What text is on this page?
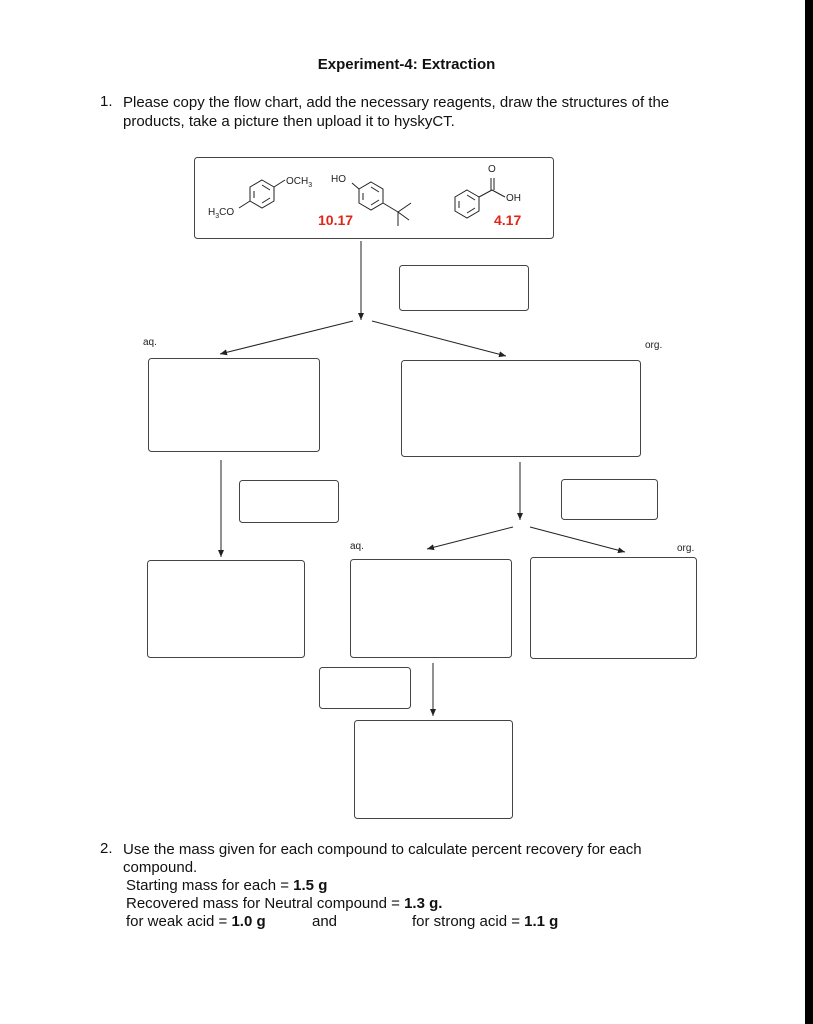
Experiment-4: Extraction
1. Please copy the flow chart, add the necessary reagents, draw the structures of the
products, take a picture then upload it to hyskyCT.
$OCH_3$
$H_3CO$
HO
10.17
O
OH
4.17
aq.	org.
aq.	org.
2. Use the mass given for each compound to calculate percent recovery for each
compound.
Starting mass for each = 1.5 g
Recovered mass for Neutral compound = 1.3 g.
for weak acid = 1.0 g	and	for strong acid = 1.1 g
